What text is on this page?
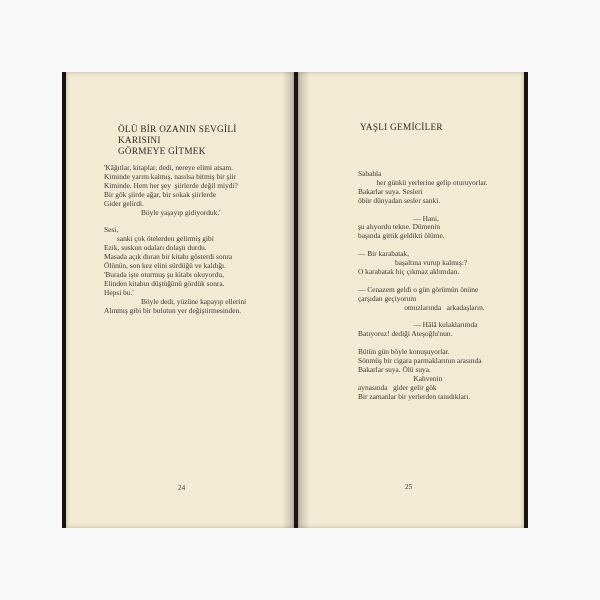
ÖLÜ BİR OZANIN SEVGİLİ KARISINI
GÖRMEYE GİTMEK
'Kâğıtlar, kitaplar, dedi, nereye elimi atsam.
Kiminde yarım kalmış, nasılsa bitmiş bir şiir
Kiminde. Hem her şey  şiirlerde değil miydi?
Bir gök şiirde ağar, bir sokak şiirlerde
Gider gelirdi.
Böyle yaşayıp gidiyorduk.'

Sesi,
sanki çok ötelerden gelirmiş gibi
Ezik, suskun odaları dolaştı durdu.
Masada açık duran bir kitabı gösterdi sonra
Ölünün, son kez elini sürdüğü ve kaldığı.
'Burada işte oturmuş şu kitabı okuyordu,
Elinden kitabın düştüğünü gördük sonra.
Hepsi bu.'
Böyle dedi, yüzüne kapayıp ellerini
Alınmış gibi bir bulutun yer değiştirmesinden.
24
YAŞLI GEMİCİLER
Sabahla
her günkü yerlerine gelip oturuyorlar.
Bakarlar suya. Sesleri
öbür dünyadan sesler sanki.

— Hani,
şu alıyordu tekne. Dümenin
başında gittik geldikti ölüme.

— Bir karabatak,
başaltına vurup kalmış:?
O karabatak hiç çıkmaz aklımdan.

— Cenazem geldi o gün görümün önüne
çarşıdan geçiyorum
omuzlarında   arkadaşların.

— Hâlâ kulaklarımda
Batıyoruz! dediği Ateşoğlu'nun.

Bütün gün böyle konuşuyorlar.
Sönmüş bir cigara parmaklarının arasında
Bakarlar suya. Ölü suya.
Kahvenin
aynasında   gider gelir gök
Bir zamanlar bir yerlerden tanıdıkları.
25
